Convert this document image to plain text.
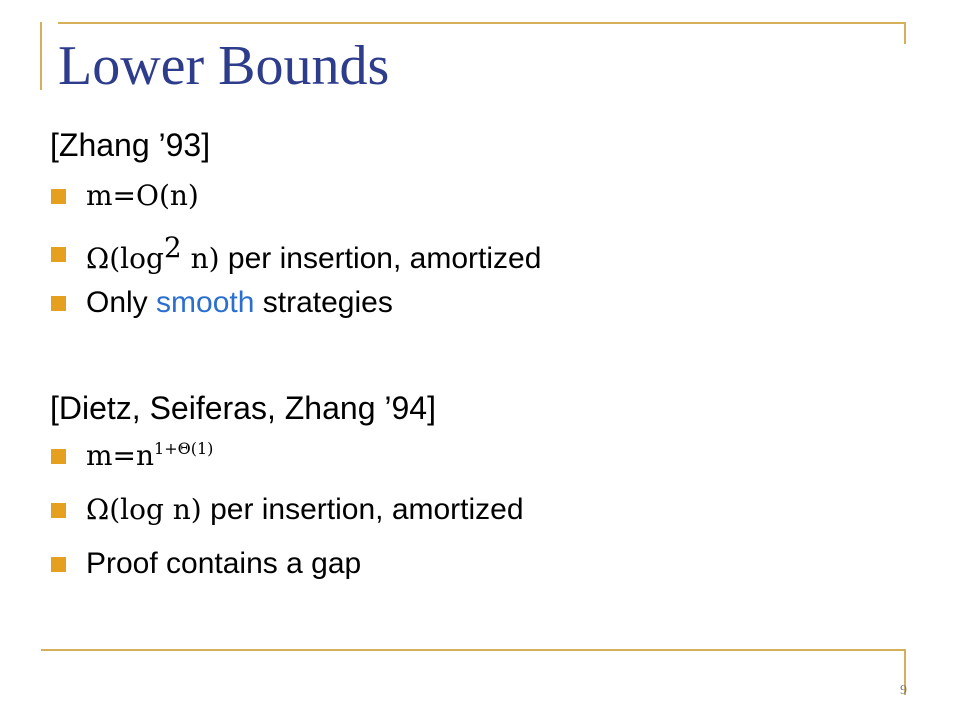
Lower Bounds
[Zhang ’93]
m=O(n)
$\Omega(\log^2$ n) per insertion, amortized
Only smooth strategies
[Dietz, Seiferas, Zhang ’94]
$m=n^{1+\Theta(1)}$
Ω(log n) per insertion, amortized
Proof contains a gap
9
